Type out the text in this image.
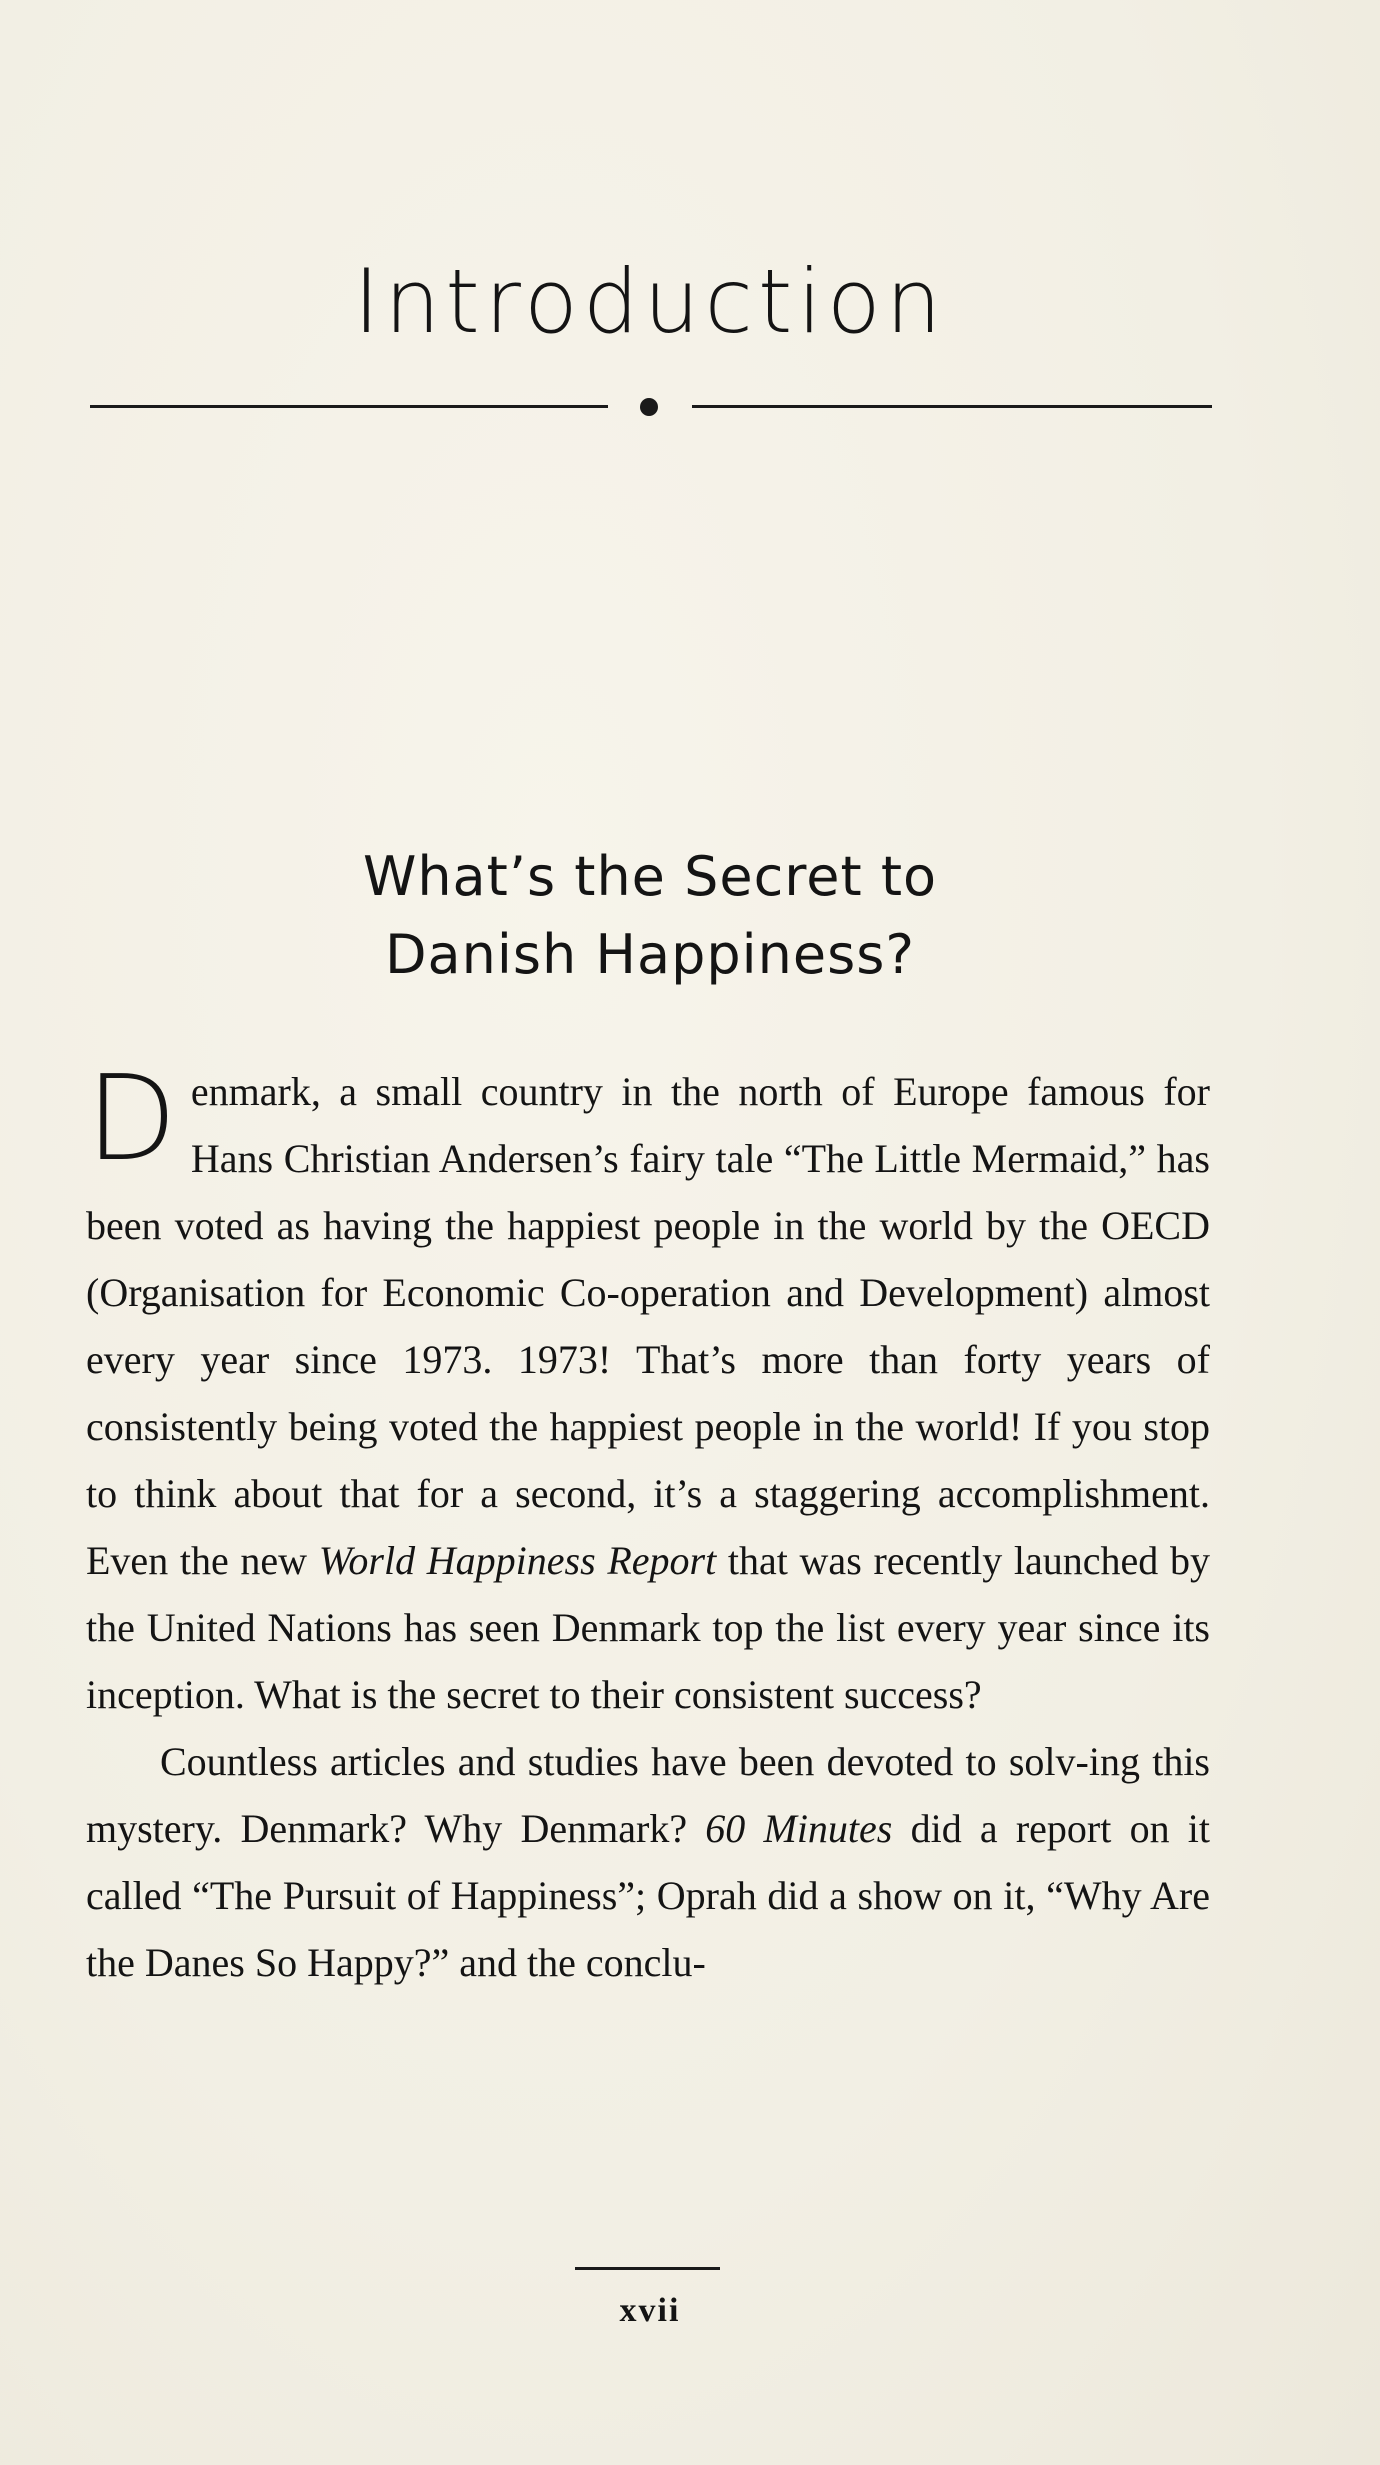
Introduction
What’s the Secret to
Danish Happiness?

Denmark, a small country in the north of Europe famous for Hans Christian Andersen’s fairy tale “The Little Mermaid,” has been voted as having the happiest people in the world by the OECD (Organisation for Economic Co-operation and Development) almost every year since 1973. 1973! That’s more than forty years of consistently being voted the happiest people in the world! If you stop to think about that for a second, it’s a staggering accomplishment. Even the new World Happiness Report that was recently launched by the United Nations has seen Denmark top the list every year since its inception. What is the secret to their consistent success?

Countless articles and studies have been devoted to solv-ing this mystery. Denmark? Why Denmark? 60 Minutes did a report on it called “The Pursuit of Happiness”; Oprah did a show on it, “Why Are the Danes So Happy?” and the conclu-

xvii
